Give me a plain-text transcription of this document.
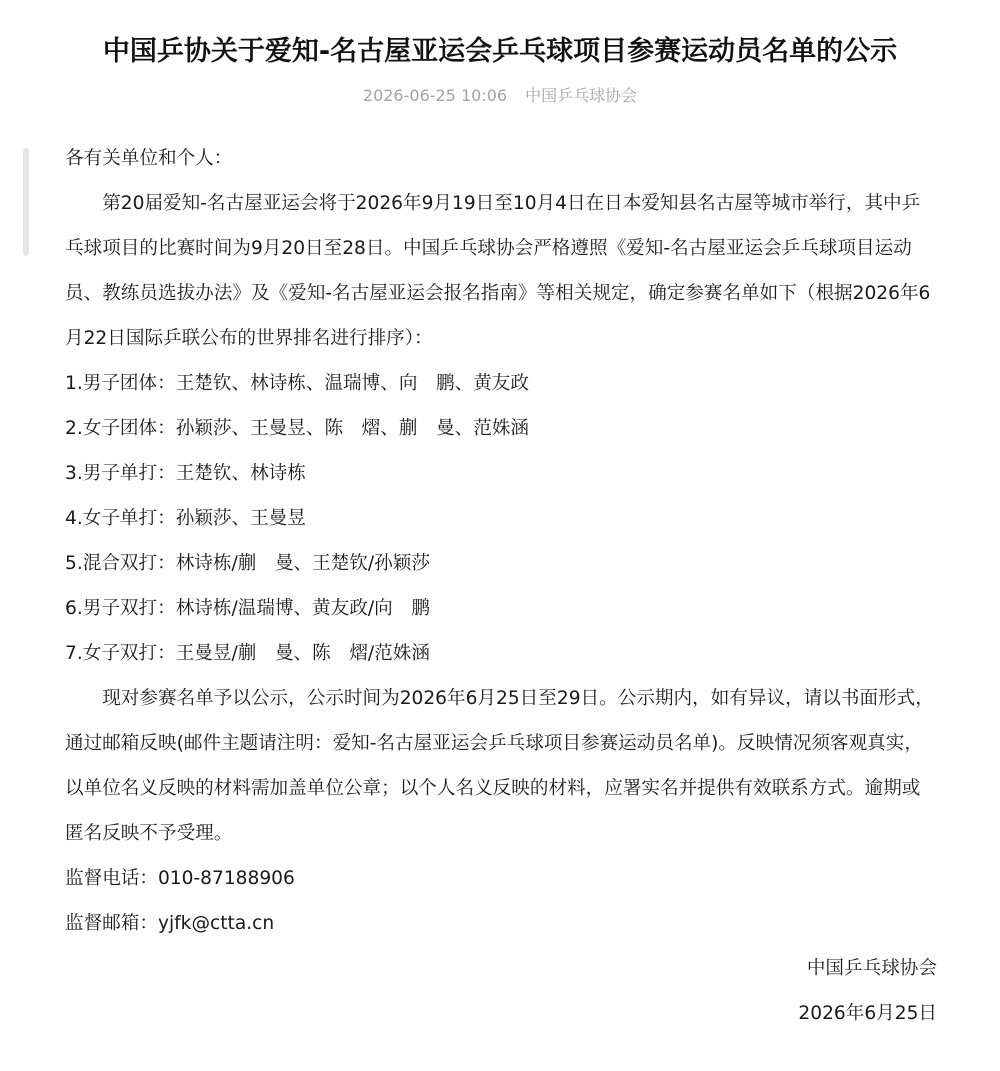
中国乒协关于爱知-名古屋亚运会乒乓球项目参赛运动员名单的公示
2026-06-25 10:06 中国乒乓球协会

各有关单位和个人：

第20届爱知-名古屋亚运会将于2026年9月19日至10月4日在日本爱知县名古屋等城市举行，其中乒乓球项目的比赛时间为9月20日至28日。中国乒乓球协会严格遵照《爱知-名古屋亚运会乒乓球项目运动员、教练员选拔办法》及《爱知-名古屋亚运会报名指南》等相关规定，确定参赛名单如下（根据2026年6月22日国际乒联公布的世界排名进行排序）：

1.男子团体：王楚钦、林诗栋、温瑞博、向　鹏、黄友政

2.女子团体：孙颖莎、王曼昱、陈　熠、蒯　曼、范姝涵

3.男子单打：王楚钦、林诗栋

4.女子单打：孙颖莎、王曼昱

5.混合双打：林诗栋/蒯　曼、王楚钦/孙颖莎

6.男子双打：林诗栋/温瑞博、黄友政/向　鹏

7.女子双打：王曼昱/蒯　曼、陈　熠/范姝涵

现对参赛名单予以公示，公示时间为2026年6月25日至29日。公示期内，如有异议，请以书面形式，通过邮箱反映(邮件主题请注明：爱知-名古屋亚运会乒乓球项目参赛运动员名单)。反映情况须客观真实，以单位名义反映的材料需加盖单位公章；以个人名义反映的材料，应署实名并提供有效联系方式。逾期或匿名反映不予受理。

监督电话：010-87188906

监督邮箱：yjfk@ctta.cn

中国乒乓球协会

2026年6月25日
